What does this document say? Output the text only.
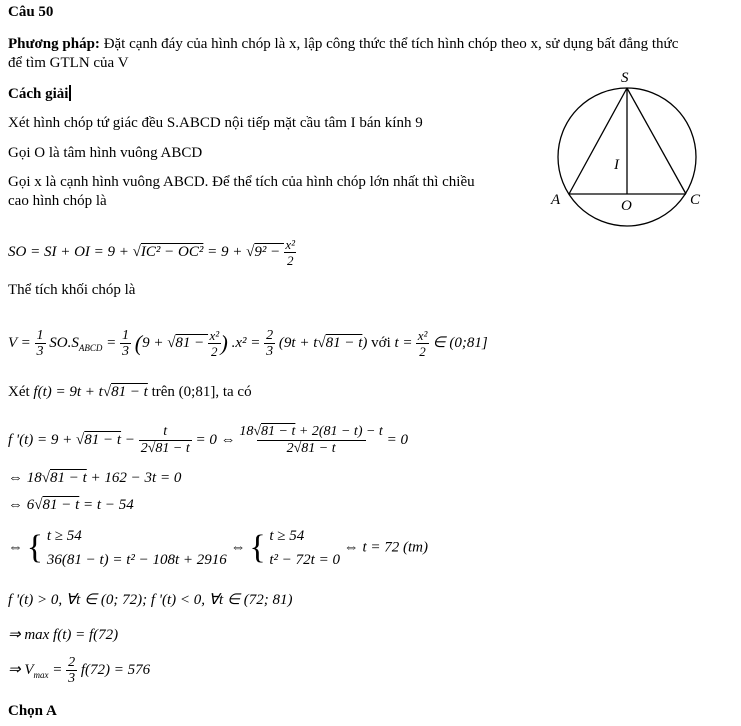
Câu 50
Phương pháp: Đặt cạnh đáy của hình chóp là x, lập công thức thể tích hình chóp theo x, sử dụng bất đẳng thức
để tìm GTLN của V
Cách giải
Xét hình chóp tứ giác đều S.ABCD nội tiếp mặt cầu tâm I bán kính 9
Gọi O là tâm hình vuông ABCD
Gọi x là cạnh hình vuông ABCD. Để thể tích của hình chóp lớn nhất thì chiều
cao hình chóp là
S
A	C
I
O
SO = SI + OI = $9 + √IC^2 - OC^2 = 9 + √9^2 - \frac{\text{x²}}{2}$
Thể tích khối chóp là
$V = \frac{1}{3} SO.S_{ABCD} = \frac{1}{3} (9 + √81 - \frac{\text{x²}}{2}) .x^2 = \frac{2}{3} (9t + t√81 - t)$ với $t = \frac{\text{x²}}{2}$ ∈ (0;81]
Xét f(t) = 9t + t√81 − t trên (0;81], ta có
f '$(t) = 9 + √81 - t - \frac{t}{2√81 - t} = 0$ ⇔ $\frac{18√81 - t + 2(81 - t) - t}{2√81 - t} = 0$
⇔ 18√81 − t + 162 − 3t = 0
⇔ 6√81 − t = t − 54
⇔ { t ≥ 54
36(81 − t) = t² − 108t + 2916 ⇔ { t ≥ 54
t² − 72t = 0 ⇔ t = 72 (tm)
f '(t) > 0, ∀t ∈ (0; 72); f '(t) < 0, ∀t ∈ (72; 81)
⇒ max f(t) = f(72)
⇒ $V_{max} = \frac{2}{3} f(72) = 576$
Chọn A
